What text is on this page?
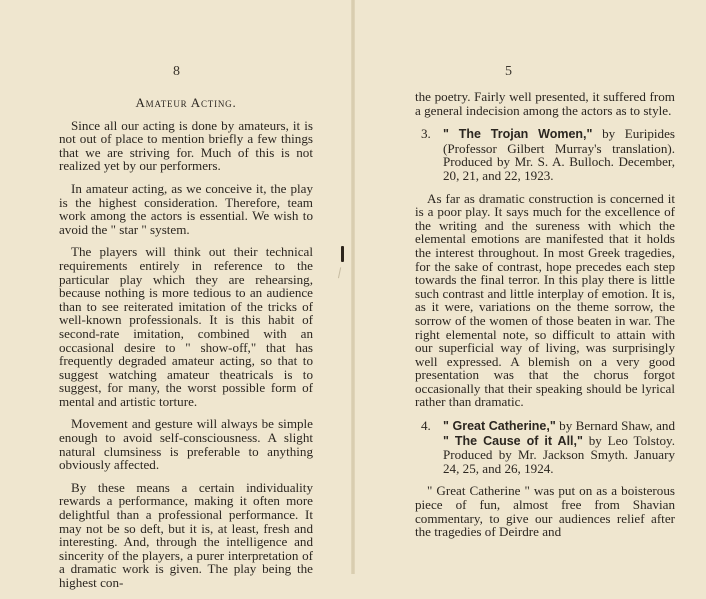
8
Amateur Acting.

Since all our acting is done by amateurs, it is not out of place to mention briefly a few things that we are striving for. Much of this is not realized yet by our performers.

In amateur acting, as we conceive it, the play is the highest consideration. Therefore, team work among the actors is essential. We wish to avoid the " star " system.

The players will think out their technical requirements entirely in reference to the particular play which they are rehearsing, because nothing is more tedious to an audience than to see reiterated imitation of the tricks of well-known professionals. It is this habit of second-rate imitation, combined with an occasional desire to " show-off," that has frequently degraded amateur acting, so that to suggest watching amateur theatricals is to suggest, for many, the worst possible form of mental and artistic torture.

Movement and gesture will always be simple enough to avoid self-consciousness. A slight natural clumsiness is preferable to anything obviously affected.

By these means a certain individuality rewards a performance, making it often more delightful than a professional performance. It may not be so deft, but it is, at least, fresh and interesting. And, through the intelligence and sincerity of the players, a purer interpretation of a dramatic work is given. The play being the highest con-

5

the poetry. Fairly well presented, it suffered from a general indecision among the actors as to style.

3. " The Trojan Women," by Euripides (Professor Gilbert Murray's translation). Produced by Mr. S. A. Bulloch. December, 20, 21, and 22, 1923.

As far as dramatic construction is concerned it is a poor play. It says much for the excellence of the writing and the sureness with which the elemental emotions are manifested that it holds the interest throughout. In most Greek tragedies, for the sake of contrast, hope precedes each step towards the final terror. In this play there is little such contrast and little interplay of emotion. It is, as it were, variations on the theme sorrow, the sorrow of the women of those beaten in war. The right elemental note, so difficult to attain with our superficial way of living, was surprisingly well expressed. A blemish on a very good presentation was that the chorus forgot occasionally that their speaking should be lyrical rather than dramatic.

4. " Great Catherine," by Bernard Shaw, and " The Cause of it All," by Leo Tolstoy. Produced by Mr. Jackson Smyth. January 24, 25, and 26, 1924.

" Great Catherine " was put on as a boisterous piece of fun, almost free from Shavian commentary, to give our audiences relief after the tragedies of Deirdre and
